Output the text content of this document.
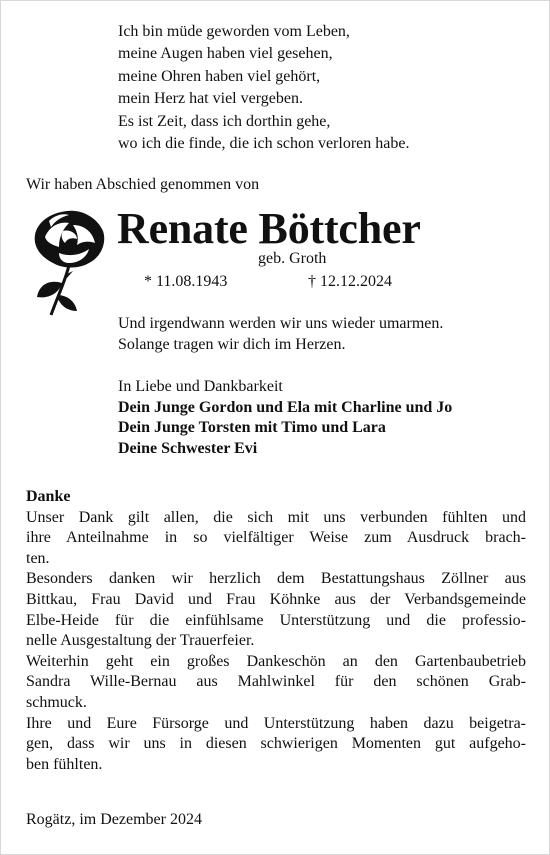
Ich bin müde geworden vom Leben,
meine Augen haben viel gesehen,
meine Ohren haben viel gehört,
mein Herz hat viel vergeben.
Es ist Zeit, dass ich dorthin gehe,
wo ich die finde, die ich schon verloren habe.
Wir haben Abschied genommen von
Renate Böttcher
geb. Groth
* 11.08.1943	† 12.12.2024
Und irgendwann werden wir uns wieder umarmen.
Solange tragen wir dich im Herzen.
In Liebe und Dankbarkeit
Dein Junge Gordon und Ela mit Charline und Jo
Dein Junge Torsten mit Timo und Lara
Deine Schwester Evi
Danke
Unser Dank gilt allen, die sich mit uns verbunden fühlten und
ihre Anteilnahme in so vielfältiger Weise zum Ausdruck brach-
ten.
Besonders danken wir herzlich dem Bestattungshaus Zöllner aus
Bittkau, Frau David und Frau Köhnke aus der Verbandsgemeinde
Elbe-Heide für die einfühlsame Unterstützung und die professio-
nelle Ausgestaltung der Trauerfeier.
Weiterhin geht ein großes Dankeschön an den Gartenbaubetrieb
Sandra Wille-Bernau aus Mahlwinkel für den schönen Grab-
schmuck.
Ihre und Eure Fürsorge und Unterstützung haben dazu beigetra-
gen, dass wir uns in diesen schwierigen Momenten gut aufgeho-
ben fühlten.
Rogätz, im Dezember 2024
